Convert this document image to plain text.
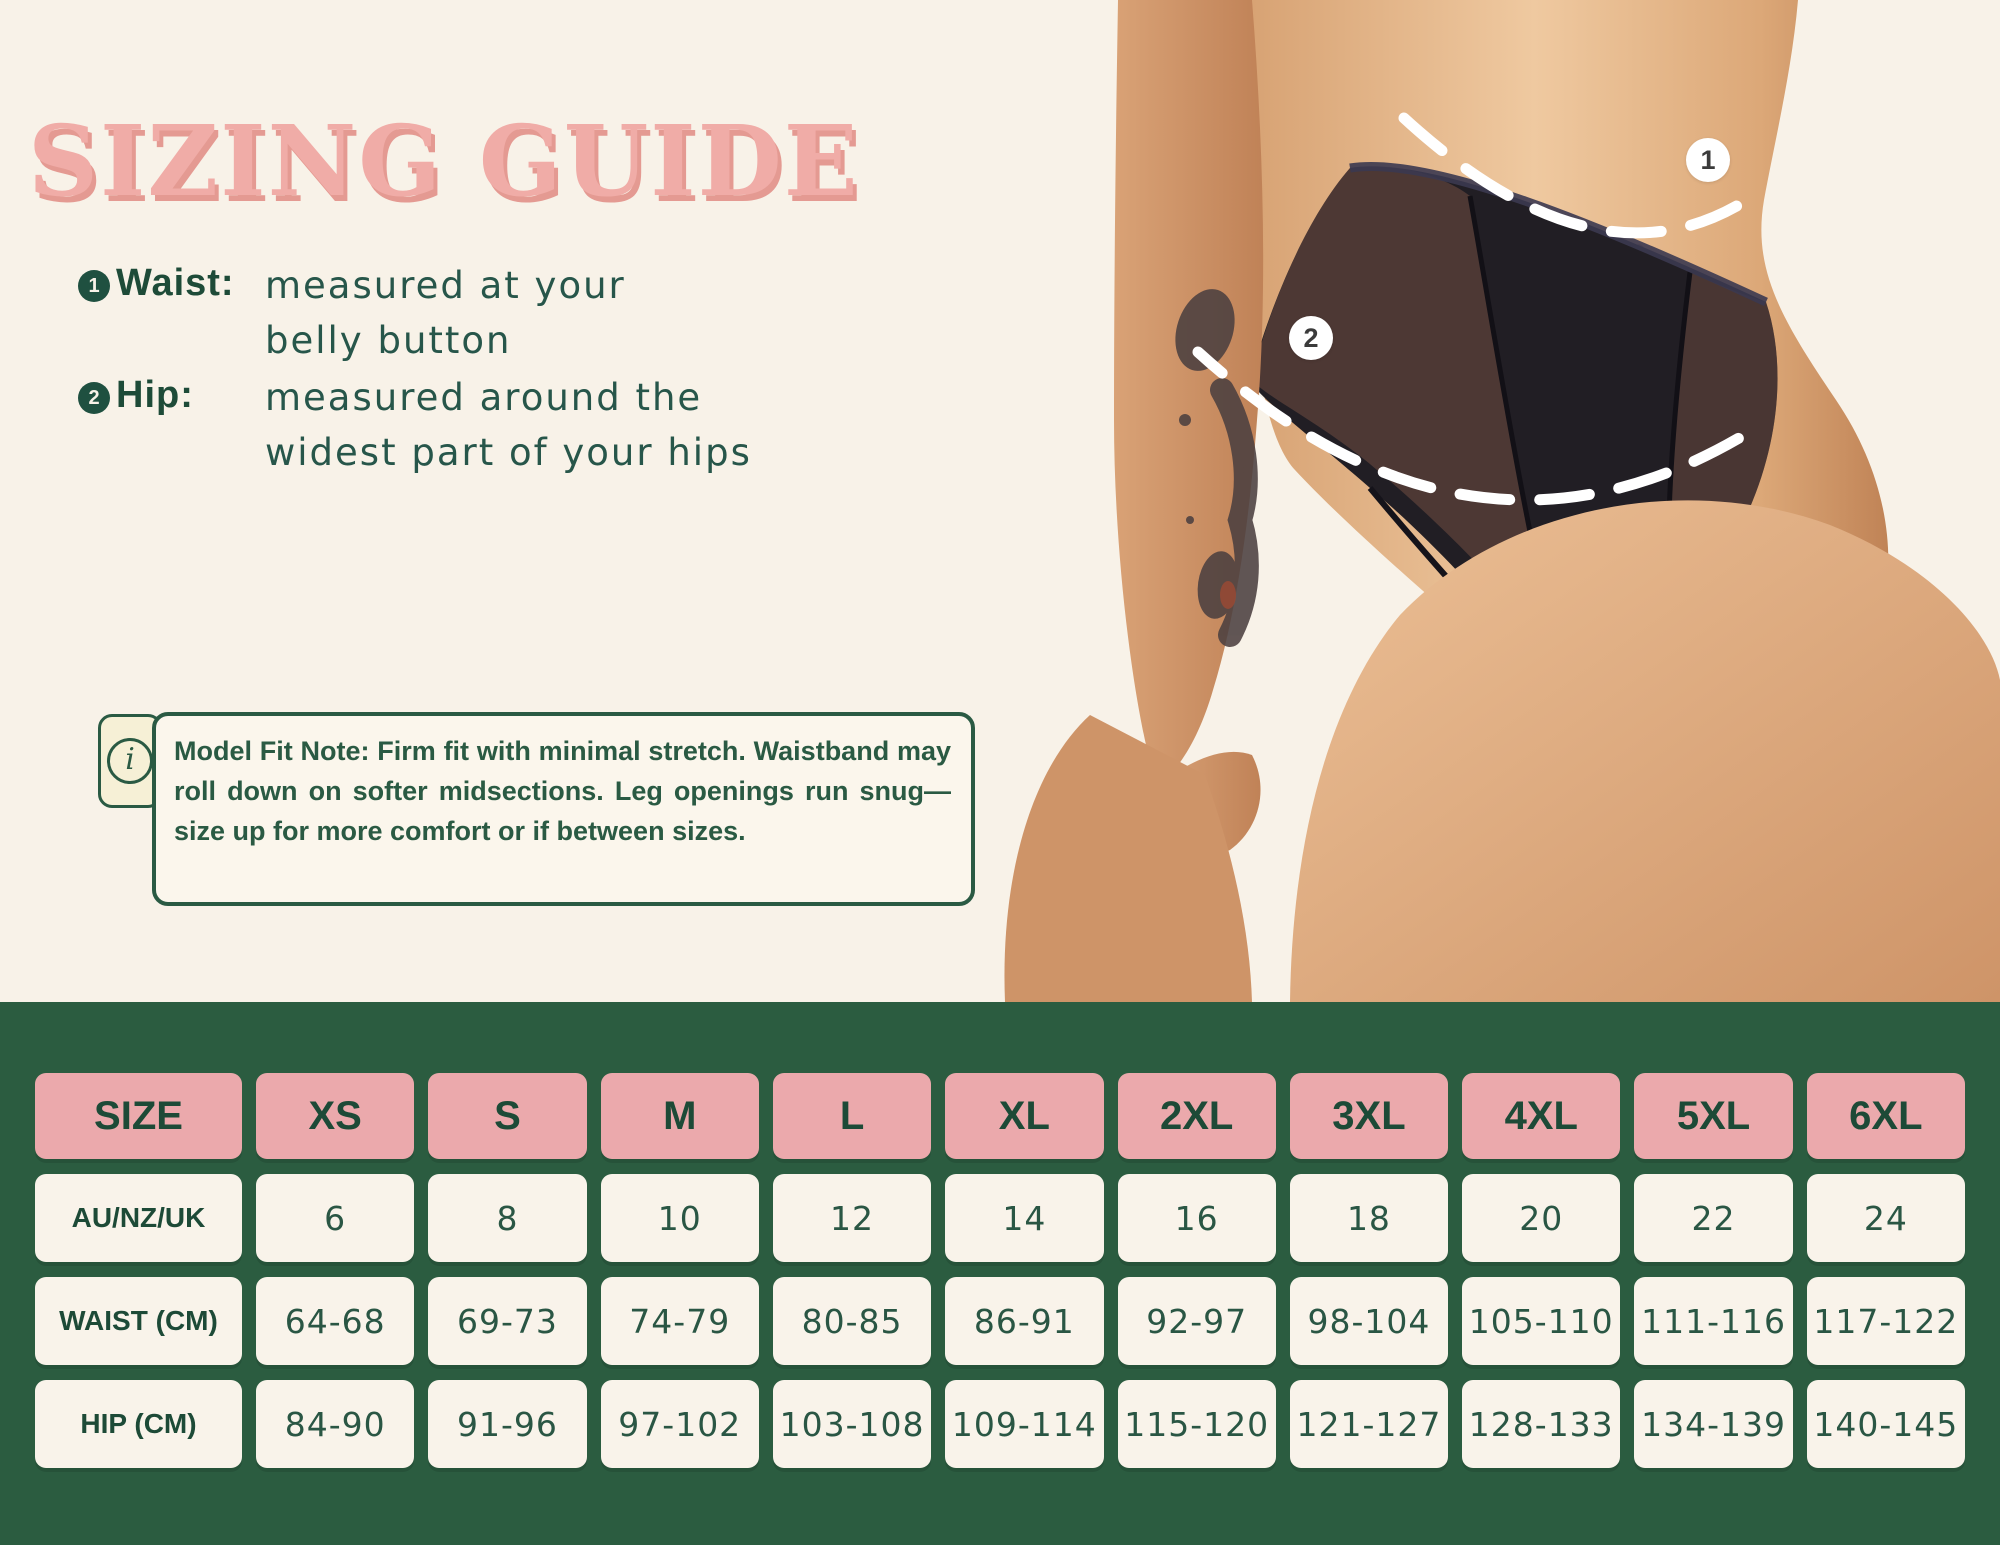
SIZING GUIDE
1 Waist: measured at your
belly button
2 Hip: measured around the
widest part of your hips
i	Model Fit Note: Firm fit with minimal stretch. Waistband may roll down on softer midsections. Leg openings run snug—size up for more comfort or if between sizes.
1
2
SIZE	XS	S	M	L	XL	2XL	3XL	4XL	5XL	6XL
AU/NZ/UK	6	8	10	12	14	16	18	20	22	24
WAIST (CM)	64-68	69-73	74-79	80-85	86-91	92-97	98-104	105-110 111-116 117-122
HIP (CM)	84-90	91-96	97-102	103-108 109-114 115-120 121-127 128-133 134-139 140-145
